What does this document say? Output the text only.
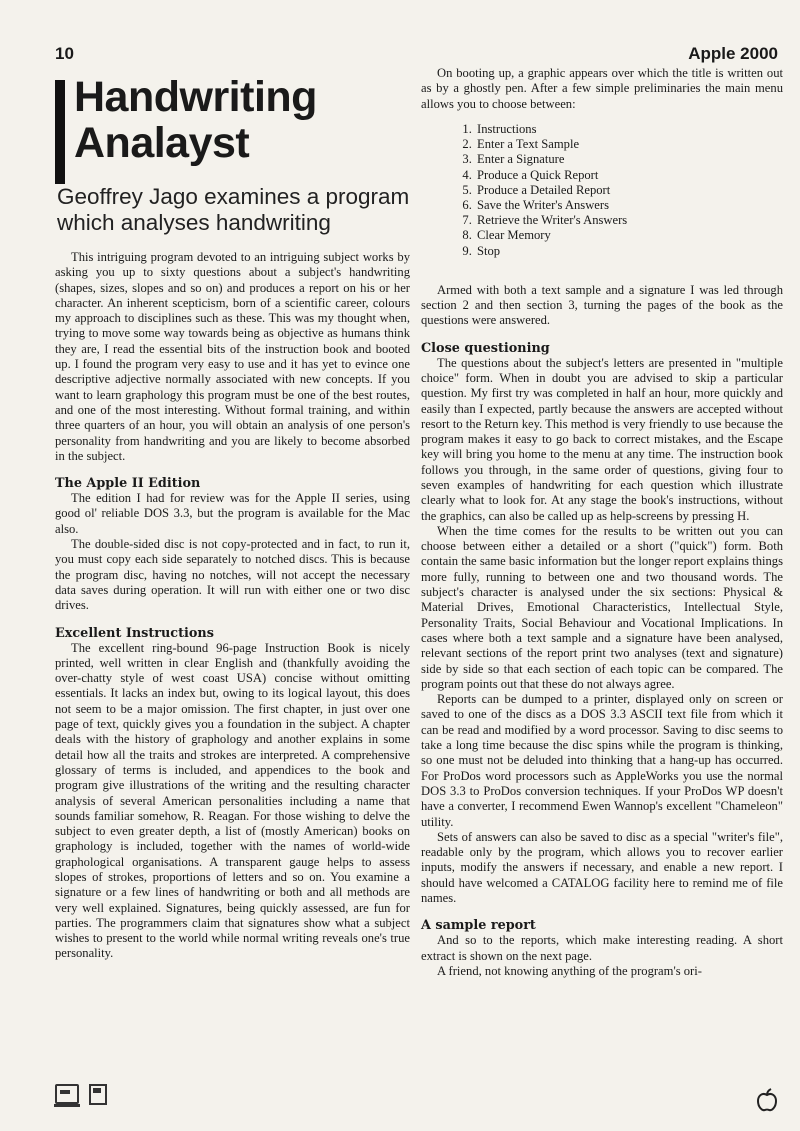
10	Apple 2000
Handwriting
Analayst
Geoffrey Jago examines a program which analyses handwriting

This intriguing program devoted to an intriguing subject works by asking you up to sixty questions about a subject's handwriting (shapes, sizes, slopes and so on) and produces a report on his or her character. An inherent scepticism, born of a scientific career, colours my approach to disciplines such as these. This was my thought when, trying to move some way towards being as objective as humans think they are, I read the essential bits of the instruction book and booted up. I found the program very easy to use and it has yet to evince one descriptive adjective normally associated with new concepts. If you want to learn graphology this program must be one of the best routes, and one of the most interesting. Without formal training, and within three quarters of an hour, you will obtain an analysis of one person's personality from handwriting and you are likely to become absorbed in the subject.

The Apple II Edition

The edition I had for review was for the Apple II series, using good ol' reliable DOS 3.3, but the program is available for the Mac also.

The double-sided disc is not copy-protected and in fact, to run it, you must copy each side separately to notched discs. This is because the program disc, having no notches, will not accept the necessary data saves during operation. It will run with either one or two disc drives.

Excellent Instructions

The excellent ring-bound 96-page Instruction Book is nicely printed, well written in clear English and (thankfully avoiding the over-chatty style of west coast USA) concise without omitting essentials. It lacks an index but, owing to its logical layout, this does not seem to be a major omission. The first chapter, in just over one page of text, quickly gives you a foundation in the subject. A chapter deals with the history of graphology and another explains in some detail how all the traits and strokes are interpreted. A comprehensive glossary of terms is included, and appendices to the book and program give illustrations of the writing and the resulting character analysis of several American personalities including a name that sounds familiar somehow, R. Reagan. For those wishing to delve the subject to even greater depth, a list of (mostly American) books on graphology is included, together with the names of world-wide graphological organisations. A transparent gauge helps to assess slopes of strokes, proportions of letters and so on. You examine a signature or a few lines of handwriting or both and all methods are very well explained. Signatures, being quickly assessed, are fun for parties. The programmers claim that signatures show what a subject wishes to present to the world while normal writing reveals one's true personality.

On booting up, a graphic appears over which the title is written out as by a ghostly pen. After a few simple preliminaries the main menu allows you to choose between:

1. Instructions
2. Enter a Text Sample
3. Enter a Signature
4. Produce a Quick Report
5. Produce a Detailed Report
6. Save the Writer's Answers
7. Retrieve the Writer's Answers
8. Clear Memory
9. Stop

Armed with both a text sample and a signature I was led through section 2 and then section 3, turning the pages of the book as the questions were answered.

Close questioning

The questions about the subject's letters are presented in "multiple choice" form. When in doubt you are advised to skip a particular question. My first try was completed in half an hour, more quickly and easily than I expected, partly because the answers are accepted without resort to the Return key. This method is very friendly to use because the program makes it easy to go back to correct mistakes, and the Escape key will bring you home to the menu at any time. The instruction book follows you through, in the same order of questions, giving four to seven examples of handwriting for each question which illustrate clearly what to look for. At any stage the book's instructions, without the graphics, can also be called up as help-screens by pressing H.

When the time comes for the results to be written out you can choose between either a detailed or a short ("quick") form. Both contain the same basic information but the longer report explains things more fully, running to between one and two thousand words. The subject's character is analysed under the six sections: Physical & Material Drives, Emotional Characteristics, Intellectual Style, Personality Traits, Social Behaviour and Vocational Implications. In cases where both a text sample and a signature have been analysed, relevant sections of the report print two analyses (text and signature) side by side so that each section of each topic can be compared. The program points out that these do not always agree.

Reports can be dumped to a printer, displayed only on screen or saved to one of the discs as a DOS 3.3 ASCII text file from which it can be read and modified by a word processor. Saving to disc seems to take a long time because the disc spins while the program is thinking, so one must not be deluded into thinking that a hang-up has occurred. For ProDos word processors such as AppleWorks you use the normal DOS 3.3 to ProDos conversion techniques. If your ProDos WP doesn't have a converter, I recommend Ewen Wannop's excellent "Chameleon" utility.

Sets of answers can also be saved to disc as a special "writer's file", readable only by the program, which allows you to recover earlier inputs, modify the answers if necessary, and enable a new report. I should have welcomed a CATALOG facility here to remind me of file names.

A sample report

And so to the reports, which make interesting reading. A short extract is shown on the next page.

A friend, not knowing anything of the program's ori-
